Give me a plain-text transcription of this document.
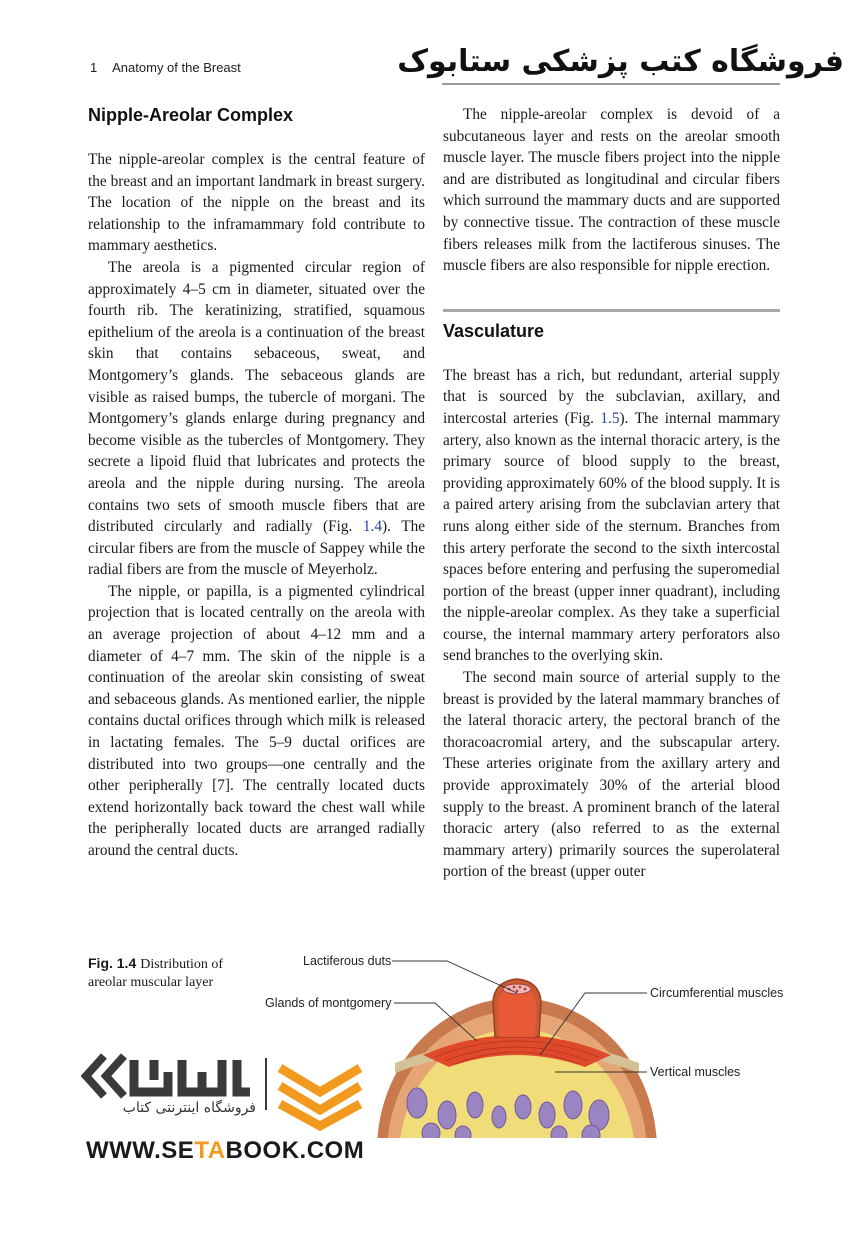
1 Anatomy of the Breast	فروشگاه کتب پزشکی ستابوک
Nipple-Areolar Complex

The nipple-areolar complex is the central feature of the breast and an important landmark in breast surgery. The location of the nipple on the breast and its relationship to the inframammary fold contribute to mammary aesthetics.

The areola is a pigmented circular region of approximately 4–5 cm in diameter, situated over the fourth rib. The keratinizing, stratified, squamous epithelium of the areola is a continuation of the breast skin that contains sebaceous, sweat, and Montgomery’s glands. The sebaceous glands are visible as raised bumps, the tubercle of morgani. The Montgomery’s glands enlarge during pregnancy and become visible as the tubercles of Montgomery. They secrete a lipoid fluid that lubricates and protects the areola and the nipple during nursing. The areola contains two sets of smooth muscle fibers that are distributed circularly and radially (Fig. 1.4). The circular fibers are from the muscle of Sappey while the radial fibers are from the muscle of Meyerholz.

The nipple, or papilla, is a pigmented cylindrical projection that is located centrally on the areola with an average projection of about 4–12 mm and a diameter of 4–7 mm. The skin of the nipple is a continuation of the areolar skin consisting of sweat and sebaceous glands. As mentioned earlier, the nipple contains ductal orifices through which milk is released in lactating females. The 5–9 ductal orifices are distributed into two groups—one centrally and the other peripherally [7]. The centrally located ducts extend horizontally back toward the chest wall while the peripherally located ducts are arranged radially around the central ducts.

The nipple-areolar complex is devoid of a subcutaneous layer and rests on the areolar smooth muscle layer. The muscle fibers project into the nipple and are distributed as longitudinal and circular fibers which surround the mammary ducts and are supported by connective tissue. The contraction of these muscle fibers releases milk from the lactiferous sinuses. The muscle fibers are also responsible for nipple erection.

Vasculature

The breast has a rich, but redundant, arterial supply that is sourced by the subclavian, axillary, and intercostal arteries (Fig. 1.5). The internal mammary artery, also known as the internal thoracic artery, is the primary source of blood supply to the breast, providing approximately 60% of the blood supply. It is a paired artery arising from the subclavian artery that runs along either side of the sternum. Branches from this artery perforate the second to the sixth intercostal spaces before entering and perfusing the superomedial portion of the breast (upper inner quadrant), including the nipple-areolar complex. As they take a superficial course, the internal mammary artery perforators also send branches to the overlying skin.

The second main source of arterial supply to the breast is provided by the lateral mammary branches of the lateral thoracic artery, the pectoral branch of the thoracoacromial artery, and the subscapular artery. These arteries originate from the axillary artery and provide approximately 30% of the arterial blood supply to the breast. A prominent branch of the lateral thoracic artery (also referred to as the external mammary artery) primarily sources the superolateral portion of the breast (upper outer

Fig. 1.4 Distribution of areolar muscular layer
Lactiferous duts
Glands of montgomery
Circumferential muscles
Vertical muscles
فروشگاه اینترنتی کتاب
WWW.SETABOOK.COM
